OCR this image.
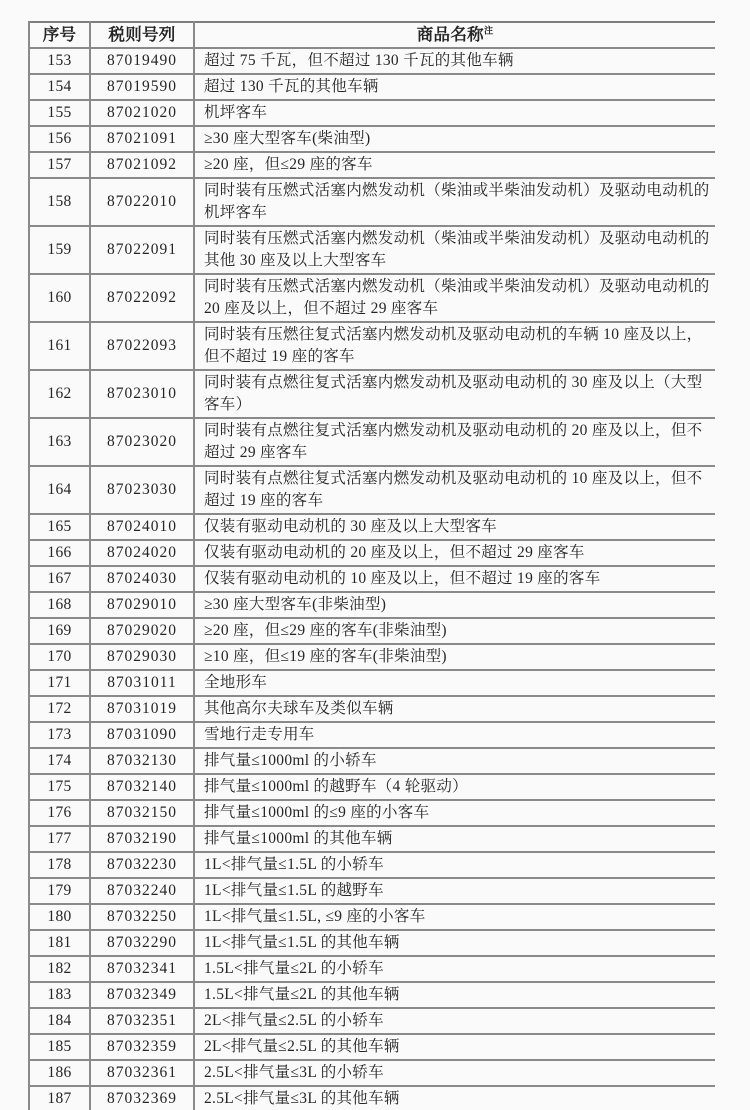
序号	税则号列	商品名称$^注$
153	87019490	超过 75 千瓦，但不超过 130 千瓦的其他车辆
154	87019590	超过 130 千瓦的其他车辆
155	87021020	机坪客车
156	87021091	≥30 座大型客车(柴油型)
157	87021092	≥20 座，但≤29 座的客车
158	87022010	同时装有压燃式活塞内燃发动机（柴油或半柴油发动机）及驱动电动机的机坪客车
159	87022091	同时装有压燃式活塞内燃发动机（柴油或半柴油发动机）及驱动电动机的其他 30 座及以上大型客车
160	87022092	同时装有压燃式活塞内燃发动机（柴油或半柴油发动机）及驱动电动机的 20 座及以上，但不超过 29 座客车
161	87022093	同时装有压燃往复式活塞内燃发动机及驱动电动机的车辆 10 座及以上，但不超过 19 座的客车
162	87023010	同时装有点燃往复式活塞内燃发动机及驱动电动机的 30 座及以上（大型客车）
163	87023020	同时装有点燃往复式活塞内燃发动机及驱动电动机的 20 座及以上，但不超过 29 座客车
164	87023030	同时装有点燃往复式活塞内燃发动机及驱动电动机的 10 座及以上，但不超过 19 座的客车
165	87024010	仅装有驱动电动机的 30 座及以上大型客车
166	87024020	仅装有驱动电动机的 20 座及以上，但不超过 29 座客车
167	87024030	仅装有驱动电动机的 10 座及以上，但不超过 19 座的客车
168	87029010	≥30 座大型客车(非柴油型)
169	87029020	≥20 座，但≤29 座的客车(非柴油型)
170	87029030	≥10 座，但≤19 座的客车(非柴油型)
171	87031011	全地形车
172	87031019	其他高尔夫球车及类似车辆
173	87031090	雪地行走专用车
174	87032130	排气量≤1000ml 的小轿车
175	87032140	排气量≤1000ml 的越野车（4 轮驱动）
176	87032150	排气量≤1000ml 的≤9 座的小客车
177	87032190	排气量≤1000ml 的其他车辆
178	87032230	1L<排气量≤1.5L 的小轿车
179	87032240	1L<排气量≤1.5L 的越野车
180	87032250	1L<排气量≤1.5L, ≤9 座的小客车
181	87032290	1L<排气量≤1.5L 的其他车辆
182	87032341	1.5L<排气量≤2L 的小轿车
183	87032349	1.5L<排气量≤2L 的其他车辆
184	87032351	2L<排气量≤2.5L 的小轿车
185	87032359	2L<排气量≤2.5L 的其他车辆
186	87032361	2.5L<排气量≤3L 的小轿车
187	87032369	2.5L<排气量≤3L 的其他车辆
